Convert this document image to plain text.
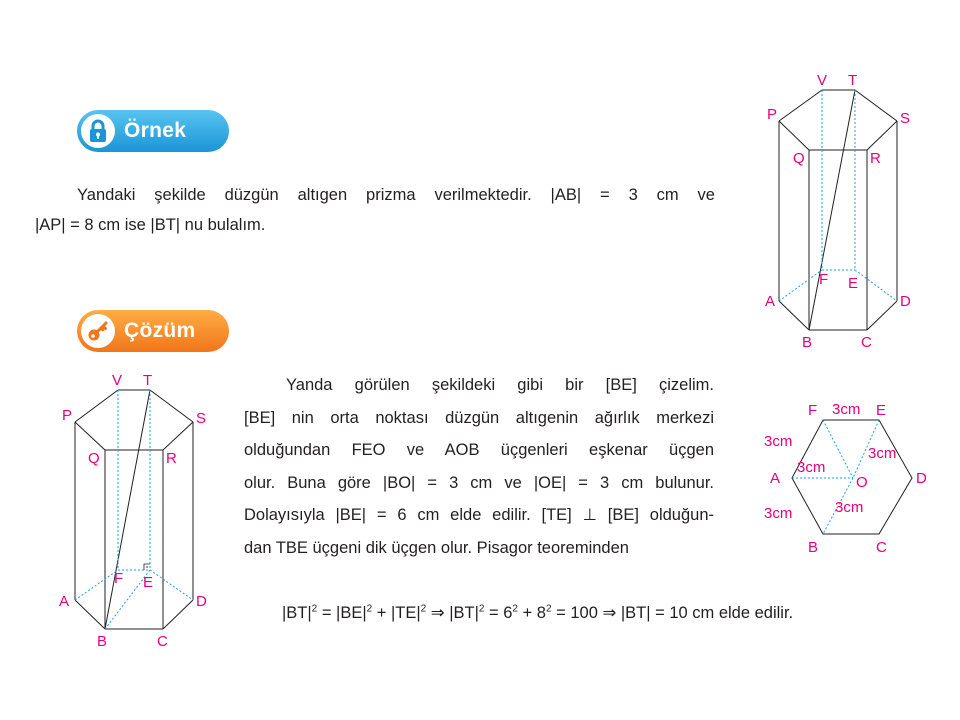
Örnek
Yandaki şekilde düzgün altıgen prizma verilmektedir. |AB| = 3 cm ve
|AP| = 8 cm ise |BT| nu bulalım.
V T
P	S
Q	R
F E
A	D
B	C
Çözüm
V T
P	S
Q	R
F E
A	D
B	C
Yanda görülen şekildeki gibi bir [BE] çizelim.
[BE] nin orta noktası düzgün altıgenin ağırlık merkezi
olduğundan FEO ve AOB üçgenleri eşkenar üçgen
olur. Buna göre |BO| = 3 cm ve |OE| = 3 cm bulunur.
Dolayısıyla |BE| = 6 cm elde edilir. [TE] ⊥ [BE] olduğun-
dan TBE üçgeni dik üçgen olur. Pisagor teoreminden
$|BT|^2 = |BE|^2 + |TE|^2$ ⇒ $|BT|^2 = 6^2 + 8^2 = 100$ ⇒ |BT| = 10 cm elde edilir.
F	E
A	D
O
B	C
3cm
3cm
3cm
3cm
3cm
3cm
